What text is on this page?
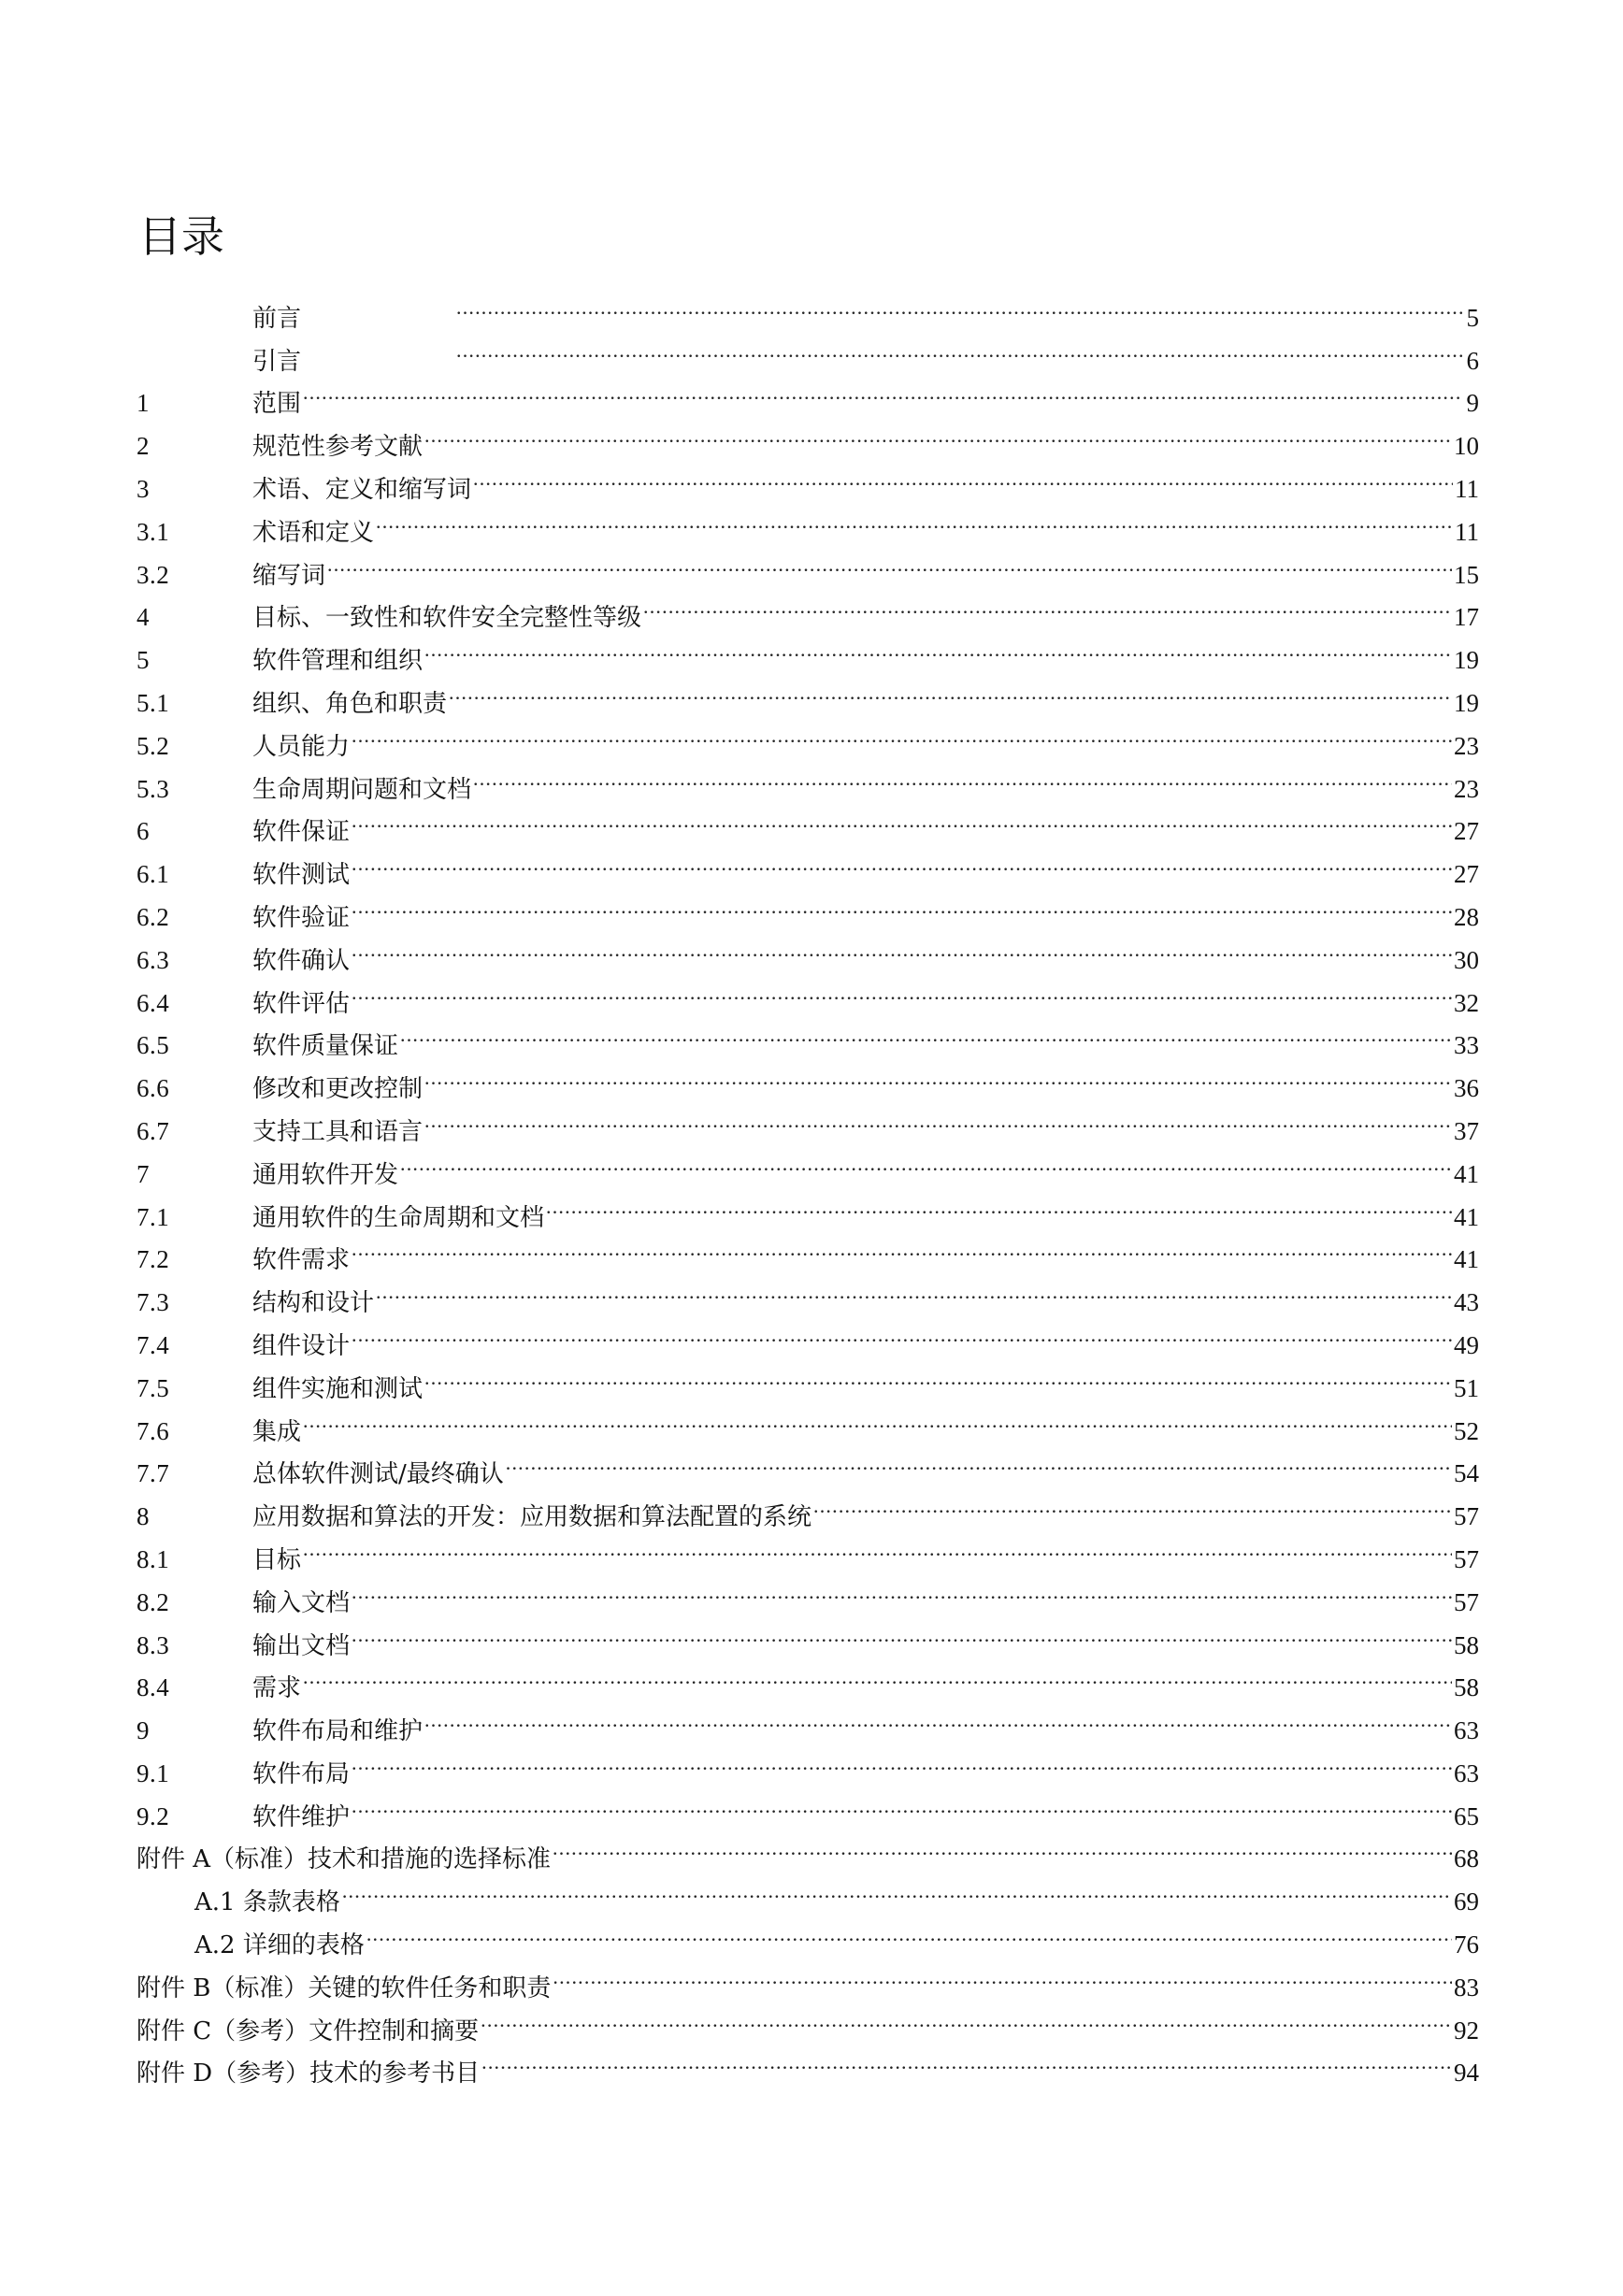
目录
前言 .....	5
引言 .....	6
1	范围 .....	9
2	规范性参考文献 .....	10
3	术语、定义和缩写词 .....	11
3.1	术语和定义 .....	11
3.2	缩写词 .....	15
4	目标、一致性和软件安全完整性等级 .....	17
5	软件管理和组织 .....	19
5.1	组织、角色和职责 .....	19
5.2	人员能力 .....	23
5.3	生命周期问题和文档 .....	23
6	软件保证 .....	27
6.1	软件测试 .....	27
6.2	软件验证 .....	28
6.3	软件确认 .....	30
6.4	软件评估 .....	32
6.5	软件质量保证 .....	33
6.6	修改和更改控制 .....	36
6.7	支持工具和语言 .....	37
7	通用软件开发 .....	41
7.1	通用软件的生命周期和文档 .....	41
7.2	软件需求 .....	41
7.3	结构和设计 .....	43
7.4	组件设计 .....	49
7.5	组件实施和测试 .....	51
7.6	集成 .....	52
7.7	总体软件测试/最终确认 .....	54
8	应用数据和算法的开发：应用数据和算法配置的系统 .....	57
8.1	目标 .....	57
8.2	输入文档 .....	57
8.3	输出文档 .....	58
8.4	需求 .....	58
9	软件布局和维护 .....	63
9.1	软件布局 .....	63
9.2	软件维护 .....	65
附件 A（标准）技术和措施的选择标准 .....	68
A.1 条款表格 .....	69
A.2 详细的表格 .....	76
附件 B（标准）关键的软件任务和职责 .....	83
附件 C（参考）文件控制和摘要 .....	92
附件 D（参考）技术的参考书目 .....	94
